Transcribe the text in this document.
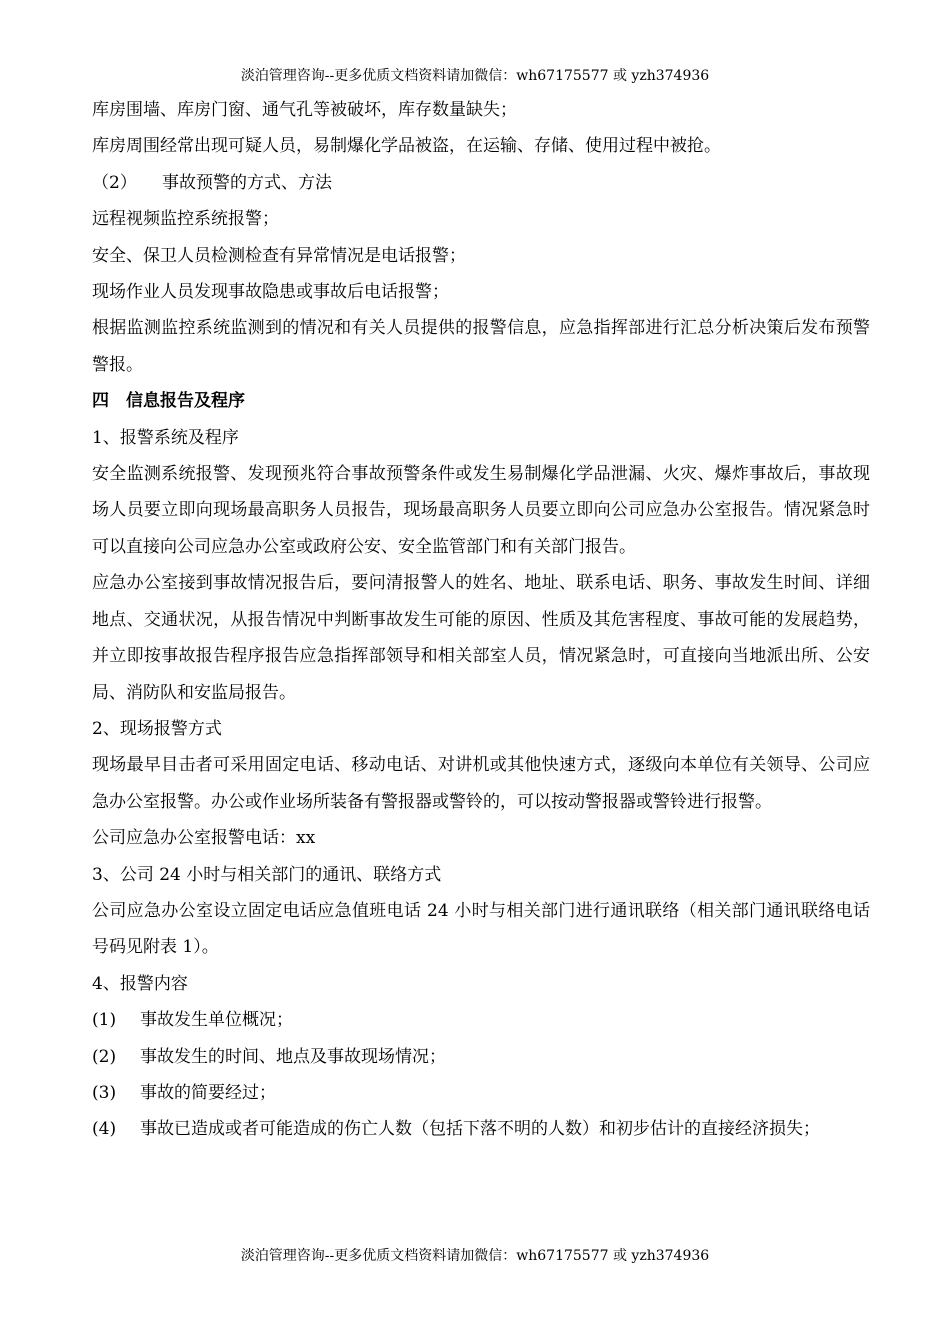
淡泊管理咨询--更多优质文档资料请加微信：wh67175577 或 yzh374936

库房围墙、库房门窗、通气孔等被破坏，库存数量缺失；

库房周围经常出现可疑人员，易制爆化学品被盗，在运输、存储、使用过程中被抢。

（2） 事故预警的方式、方法

远程视频监控系统报警；

安全、保卫人员检测检查有异常情况是电话报警；

现场作业人员发现事故隐患或事故后电话报警；

根据监测监控系统监测到的情况和有关人员提供的报警信息，应急指挥部进行汇总分析决策后发布预警警报。

四　信息报告及程序

1、报警系统及程序

安全监测系统报警、发现预兆符合事故预警条件或发生易制爆化学品泄漏、火灾、爆炸事故后，事故现场人员要立即向现场最高职务人员报告，现场最高职务人员要立即向公司应急办公室报告。情况紧急时可以直接向公司应急办公室或政府公安、安全监管部门和有关部门报告。

应急办公室接到事故情况报告后，要问清报警人的姓名、地址、联系电话、职务、事故发生时间、详细地点、交通状况，从报告情况中判断事故发生可能的原因、性质及其危害程度、事故可能的发展趋势，并立即按事故报告程序报告应急指挥部领导和相关部室人员，情况紧急时，可直接向当地派出所、公安局、消防队和安监局报告。

2、现场报警方式

现场最早目击者可采用固定电话、移动电话、对讲机或其他快速方式，逐级向本单位有关领导、公司应急办公室报警。办公或作业场所装备有警报器或警铃的，可以按动警报器或警铃进行报警。

公司应急办公室报警电话：xx

3、公司 24 小时与相关部门的通讯、联络方式

公司应急办公室设立固定电话应急值班电话 24 小时与相关部门进行通讯联络（相关部门通讯联络电话号码见附表 1）。

4、报警内容

(1) 事故发生单位概况；

(2) 事故发生的时间、地点及事故现场情况；

(3) 事故的简要经过；

(4) 事故已造成或者可能造成的伤亡人数（包括下落不明的人数）和初步估计的直接经济损失；

淡泊管理咨询--更多优质文档资料请加微信：wh67175577 或 yzh374936
